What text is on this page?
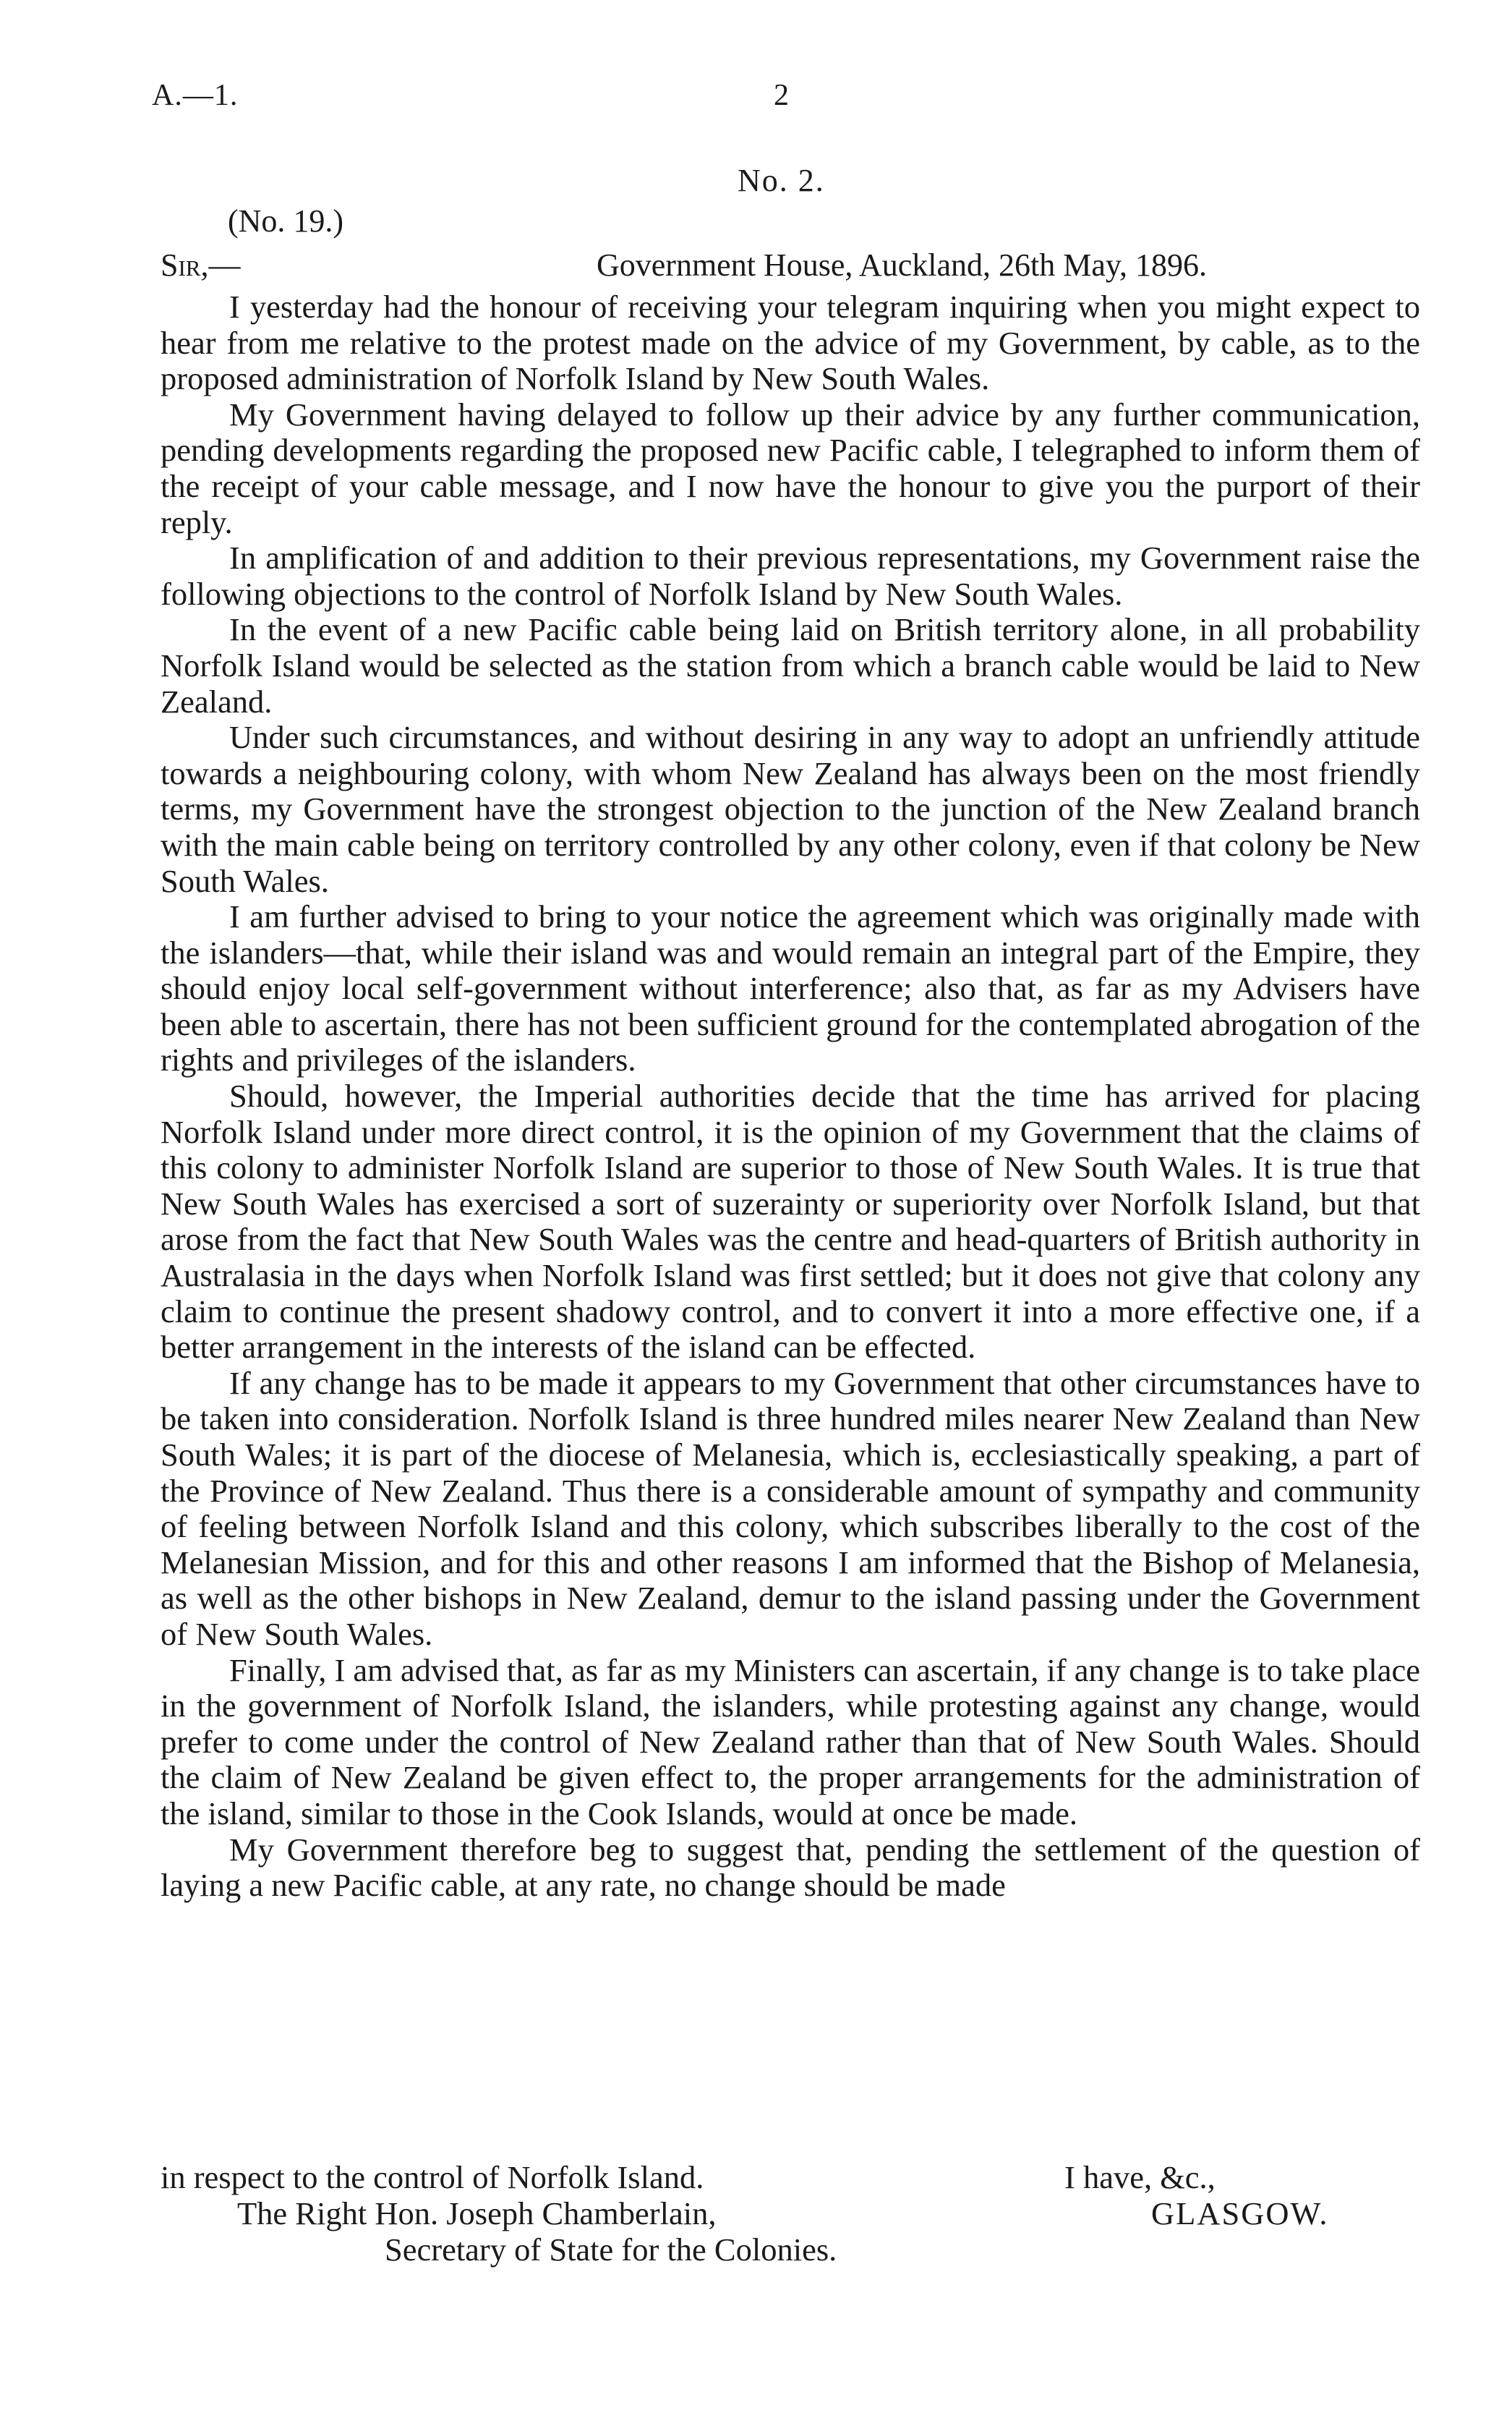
A.—1.	2
No. 2.
(No. 19.)
Sir,—	Government House, Auckland, 26th May, 1896.

I yesterday had the honour of receiving your telegram inquiring when you might expect to hear from me relative to the protest made on the advice of my Government, by cable, as to the proposed administration of Norfolk Island by New South Wales.

My Government having delayed to follow up their advice by any further communication, pending developments regarding the proposed new Pacific cable, I telegraphed to inform them of the receipt of your cable message, and I now have the honour to give you the purport of their reply.

In amplification of and addition to their previous representations, my Government raise the following objections to the control of Norfolk Island by New South Wales.

In the event of a new Pacific cable being laid on British territory alone, in all probability Norfolk Island would be selected as the station from which a branch cable would be laid to New Zealand.

Under such circumstances, and without desiring in any way to adopt an unfriendly attitude towards a neighbouring colony, with whom New Zealand has always been on the most friendly terms, my Government have the strongest objection to the junction of the New Zealand branch with the main cable being on territory controlled by any other colony, even if that colony be New South Wales.

I am further advised to bring to your notice the agreement which was originally made with the islanders—that, while their island was and would remain an integral part of the Empire, they should enjoy local self-government without interference; also that, as far as my Advisers have been able to ascertain, there has not been sufficient ground for the contemplated abrogation of the rights and privileges of the islanders.

Should, however, the Imperial authorities decide that the time has arrived for placing Norfolk Island under more direct control, it is the opinion of my Government that the claims of this colony to administer Norfolk Island are superior to those of New South Wales. It is true that New South Wales has exercised a sort of suzerainty or superiority over Norfolk Island, but that arose from the fact that New South Wales was the centre and head-quarters of British authority in Australasia in the days when Norfolk Island was first settled; but it does not give that colony any claim to continue the present shadowy control, and to convert it into a more effective one, if a better arrangement in the interests of the island can be effected.

If any change has to be made it appears to my Government that other circumstances have to be taken into consideration. Norfolk Island is three hundred miles nearer New Zealand than New South Wales; it is part of the diocese of Melanesia, which is, ecclesiastically speaking, a part of the Province of New Zealand. Thus there is a considerable amount of sympathy and community of feeling between Norfolk Island and this colony, which subscribes liberally to the cost of the Melanesian Mission, and for this and other reasons I am informed that the Bishop of Melanesia, as well as the other bishops in New Zealand, demur to the island passing under the Government of New South Wales.

Finally, I am advised that, as far as my Ministers can ascertain, if any change is to take place in the government of Norfolk Island, the islanders, while protesting against any change, would prefer to come under the control of New Zealand rather than that of New South Wales. Should the claim of New Zealand be given effect to, the proper arrangements for the administration of the island, similar to those in the Cook Islands, would at once be made.

My Government therefore beg to suggest that, pending the settlement of the question of laying a new Pacific cable, at any rate, no change should be made

in respect to the control of Norfolk Island.	I have, &c.,
The Right Hon. Joseph Chamberlain,	GLASGOW.
Secretary of State for the Colonies.
